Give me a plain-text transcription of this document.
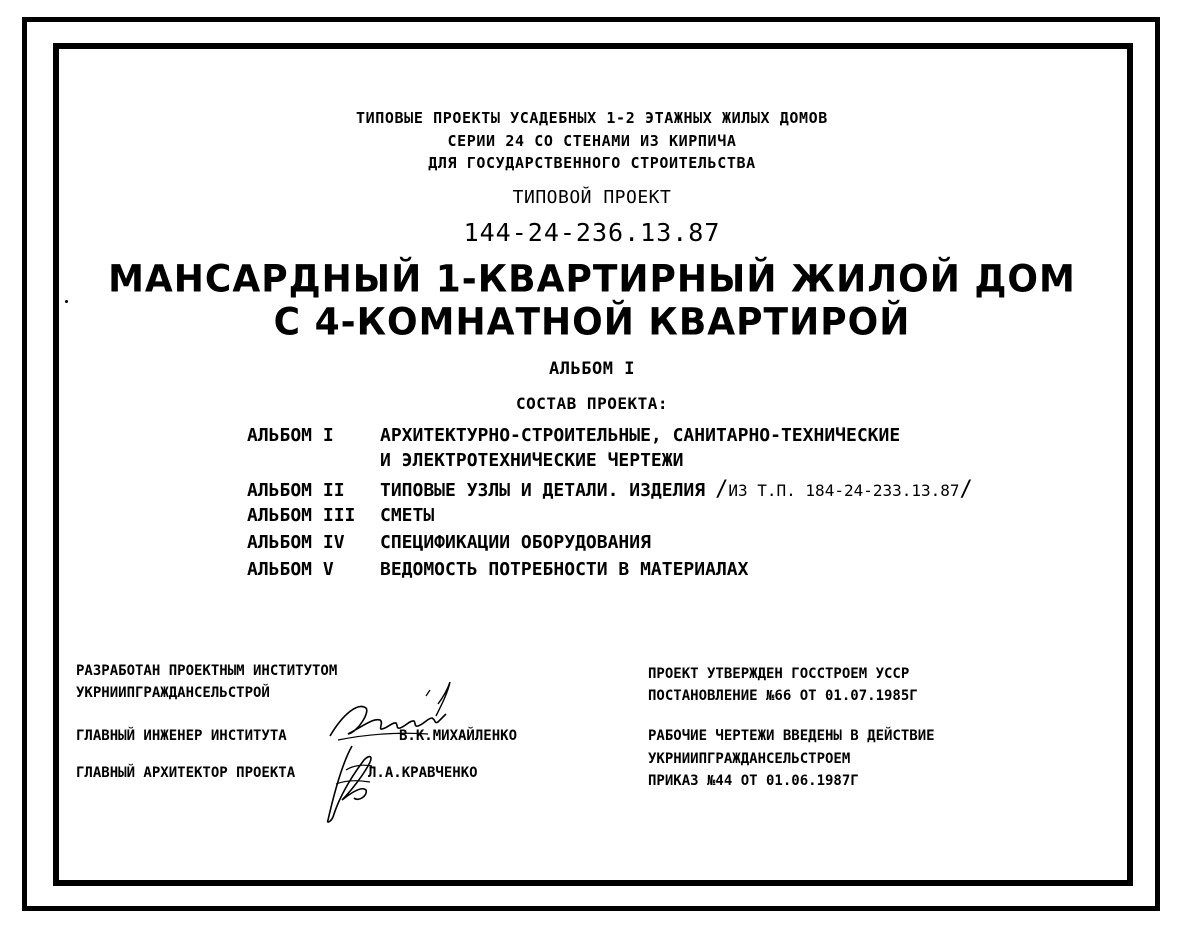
ТИПОВЫЕ ПРОЕКТЫ УСАДЕБНЫХ 1-2 ЭТАЖНЫХ ЖИЛЫХ ДОМОВ
СЕРИИ 24 СО СТЕНАМИ ИЗ КИРПИЧА
ДЛЯ ГОСУДАРСТВЕННОГО СТРОИТЕЛЬСТВА
ТИПОВОЙ ПРОЕКТ
144-24-236.13.87
МАНСАРДНЫЙ 1-КВАРТИРНЫЙ ЖИЛОЙ ДОМ
С 4-КОМНАТНОЙ КВАРТИРОЙ
АЛЬБОМ I
СОСТАВ ПРОЕКТА:
АЛЬБОМ I	АРХИТЕКТУРНО-СТРОИТЕЛЬНЫЕ, САНИТАРНО-ТЕХНИЧЕСКИЕ
И ЭЛЕКТРОТЕХНИЧЕСКИЕ ЧЕРТЕЖИ
АЛЬБОМ II ТИПОВЫЕ УЗЛЫ И ДЕТАЛИ. ИЗДЕЛИЯ /ИЗ Т.П. 184-24-233.13.87/
АЛЬБОМ III СМЕТЫ
АЛЬБОМ IV СПЕЦИФИКАЦИИ ОБОРУДОВАНИЯ
АЛЬБОМ V	ВЕДОМОСТЬ ПОТРЕБНОСТИ В МАТЕРИАЛАХ
РАЗРАБОТАН ПРОЕКТНЫМ ИНСТИТУТОМ
УКРНИИПГРАЖДАНСЕЛЬСТРОЙ
ГЛАВНЫЙ ИНЖЕНЕР ИНСТИТУТА	В.К.МИХАЙЛЕНКО
ГЛАВНЫЙ АРХИТЕКТОР ПРОЕКТА	Л.А.КРАВЧЕНКО
ПРОЕКТ УТВЕРЖДЕН ГОССТРОЕМ УССР
ПОСТАНОВЛЕНИЕ №66 ОТ 01.07.1985Г
РАБОЧИЕ ЧЕРТЕЖИ ВВЕДЕНЫ В ДЕЙСТВИЕ
УКРНИИПГРАЖДАНСЕЛЬСТРОЕМ
ПРИКАЗ №44 ОТ 01.06.1987Г
